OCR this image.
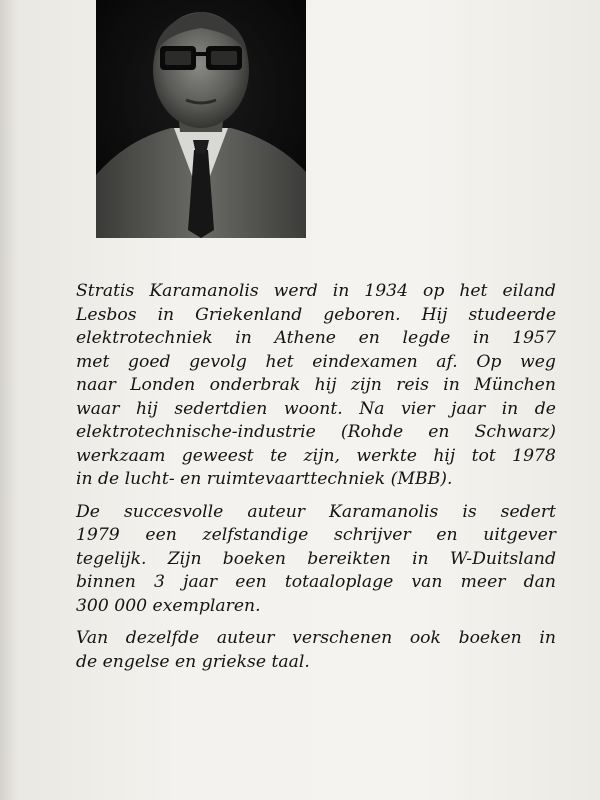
Stratis Karamanolis werd in 1934 op het eiland
Lesbos in Griekenland geboren. Hij studeerde
elektrotechniek in Athene en legde in 1957
met goed gevolg het eindexamen af. Op weg
naar Londen onderbrak hij zijn reis in München
waar hij sedertdien woont. Na vier jaar in de
elektrotechnische-industrie (Rohde en Schwarz)
werkzaam geweest te zijn, werkte hij tot 1978
in de lucht- en ruimtevaarttechniek (MBB).

De succesvolle auteur Karamanolis is sedert
1979 een zelfstandige schrijver en uitgever
tegelijk. Zijn boeken bereikten in W-Duitsland
binnen 3 jaar een totaaloplage van meer dan
300 000 exemplaren.

Van dezelfde auteur verschenen ook boeken in
de engelse en griekse taal.
